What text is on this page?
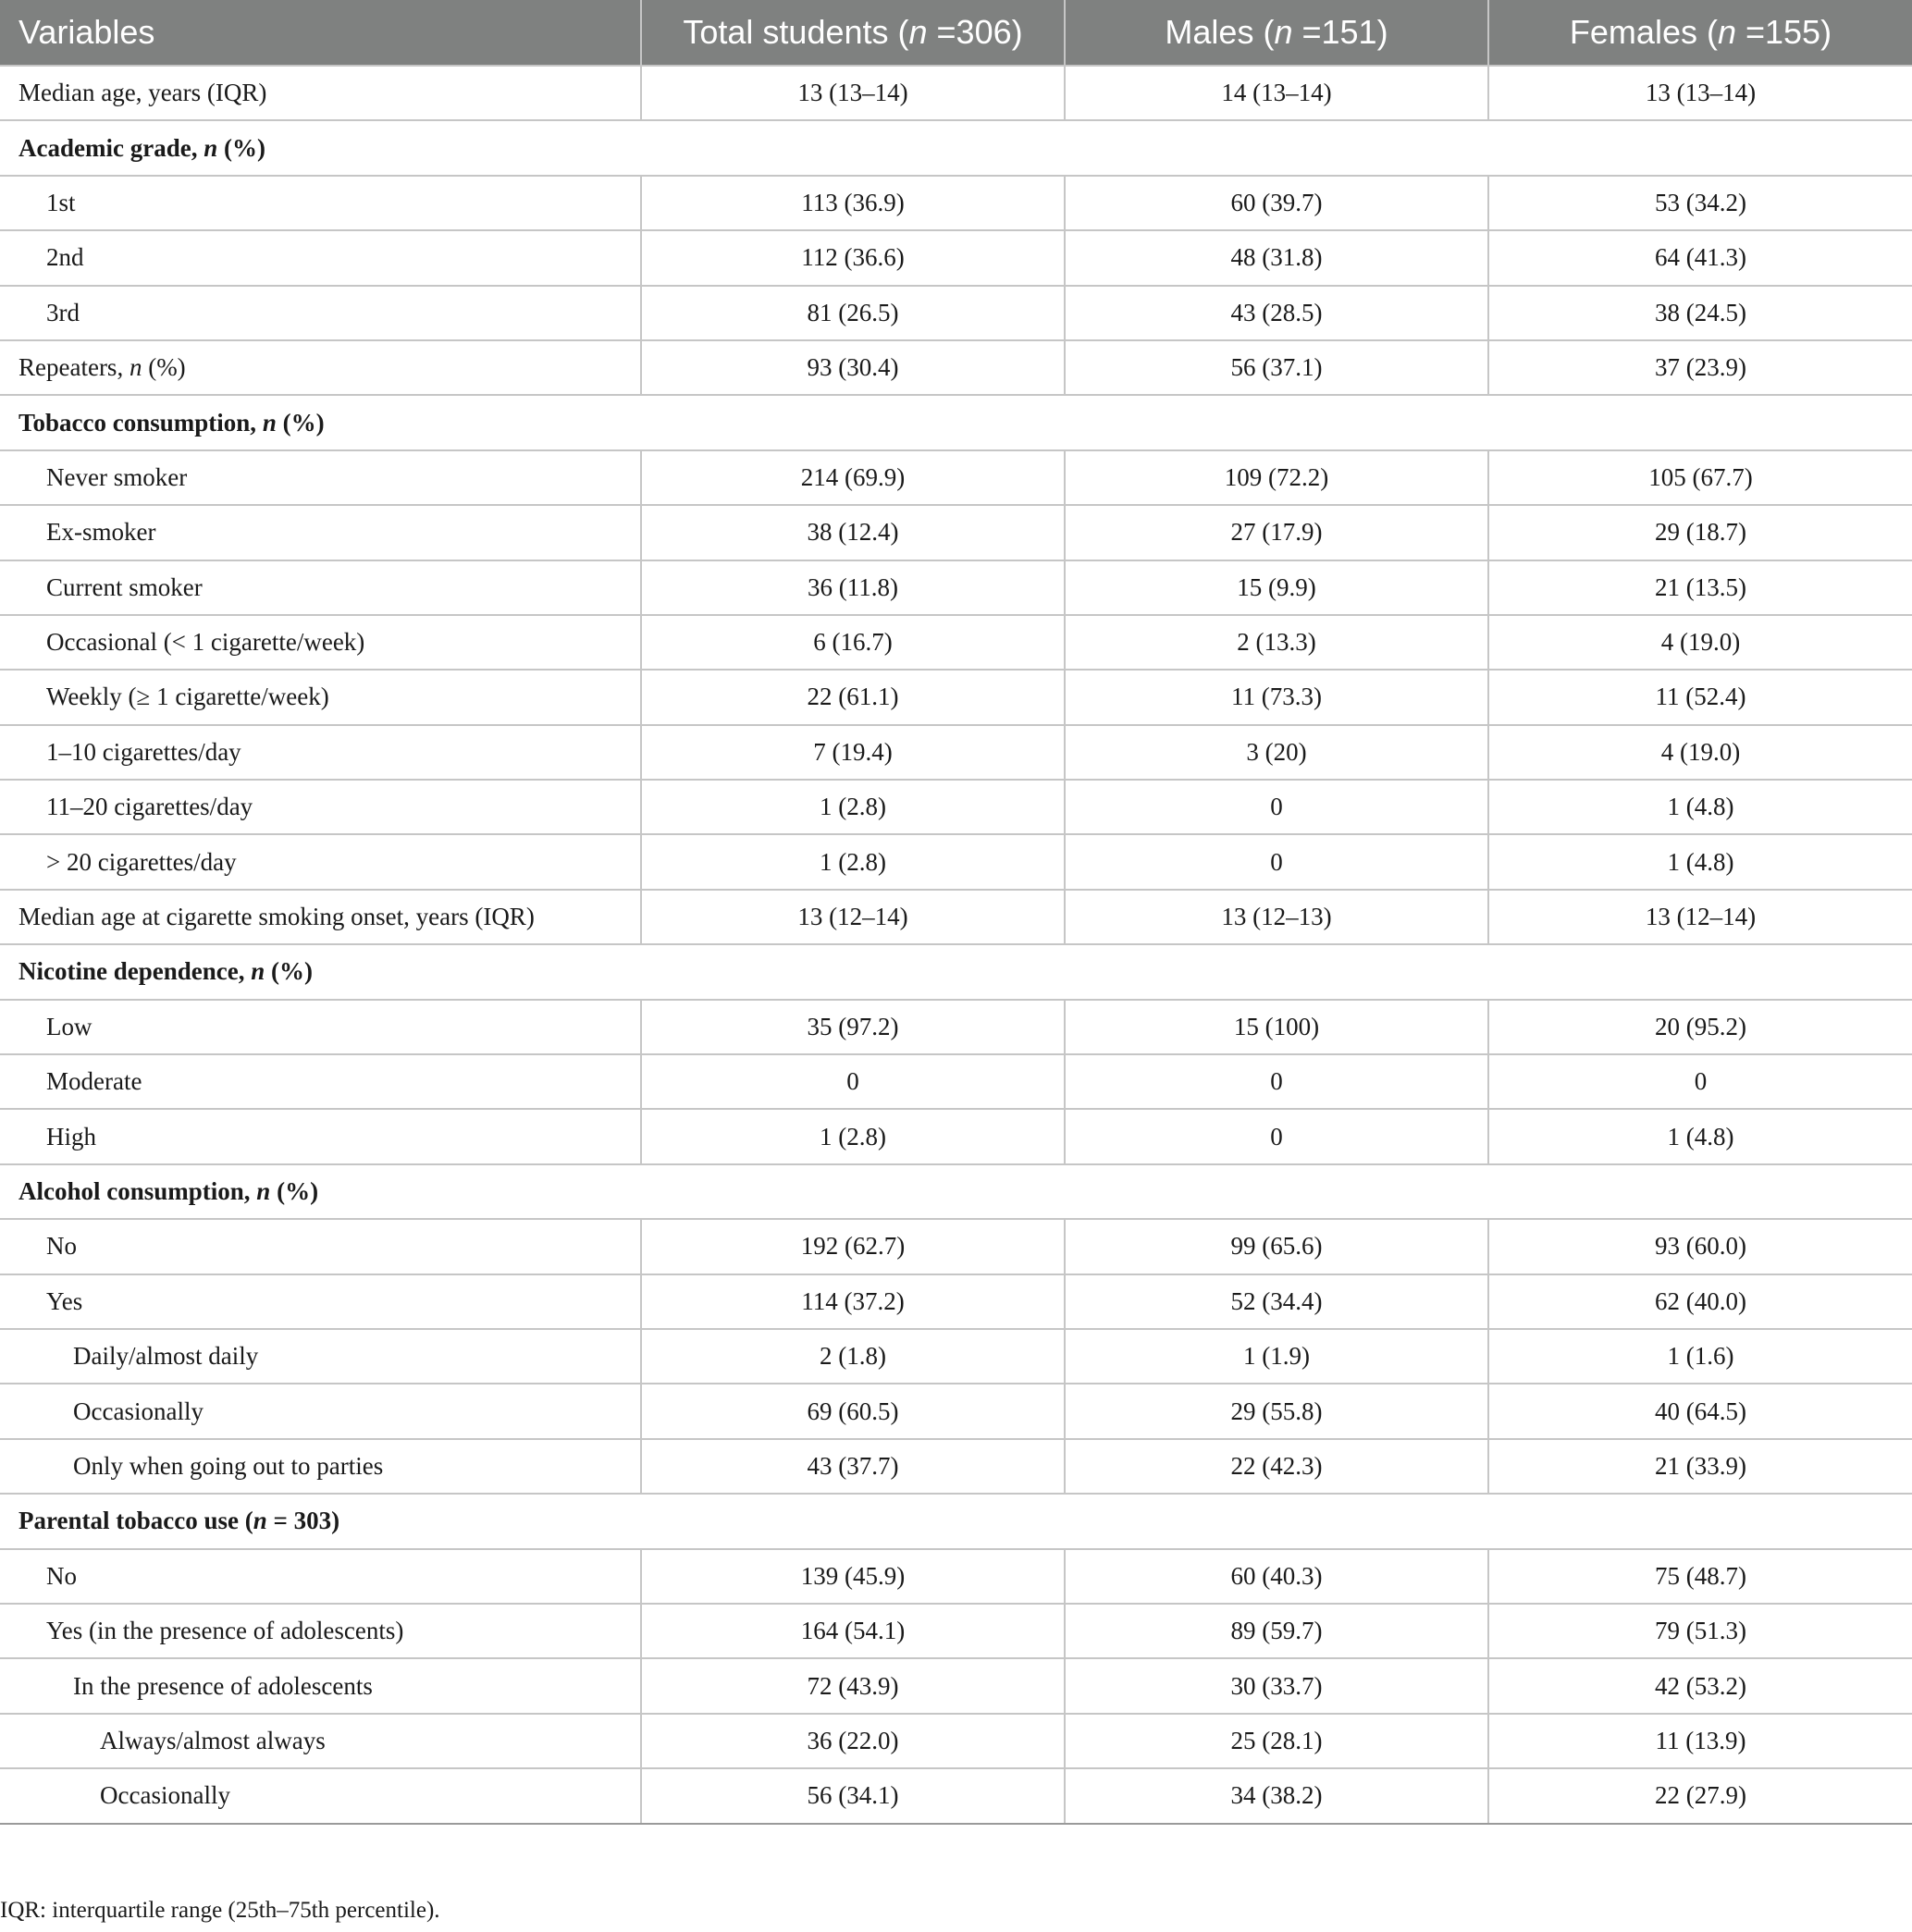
Variables	Total students (n =306)	Males (n =151)	Females (n =155)
Median age, years (IQR)	13 (13–14)	14 (13–14)	13 (13–14)
Academic grade, n (%)			
1st	113 (36.9)	60 (39.7)	53 (34.2)
2nd	112 (36.6)	48 (31.8)	64 (41.3)
3rd	81 (26.5)	43 (28.5)	38 (24.5)
Repeaters, n (%)	93 (30.4)	56 (37.1)	37 (23.9)
Tobacco consumption, n (%)			
Never smoker	214 (69.9)	109 (72.2)	105 (67.7)
Ex-smoker	38 (12.4)	27 (17.9)	29 (18.7)
Current smoker	36 (11.8)	15 (9.9)	21 (13.5)
Occasional (< 1 cigarette/week)	6 (16.7)	2 (13.3)	4 (19.0)
Weekly (≥ 1 cigarette/week)	22 (61.1)	11 (73.3)	11 (52.4)
1–10 cigarettes/day	7 (19.4)	3 (20)	4 (19.0)
11–20 cigarettes/day	1 (2.8)	0	1 (4.8)
> 20 cigarettes/day	1 (2.8)	0	1 (4.8)
Median age at cigarette smoking onset, years (IQR)	13 (12–14)	13 (12–13)	13 (12–14)
Nicotine dependence, n (%)			
Low	35 (97.2)	15 (100)	20 (95.2)
Moderate	0	0	0
High	1 (2.8)	0	1 (4.8)
Alcohol consumption, n (%)			
No	192 (62.7)	99 (65.6)	93 (60.0)
Yes	114 (37.2)	52 (34.4)	62 (40.0)
Daily/almost daily	2 (1.8)	1 (1.9)	1 (1.6)
Occasionally	69 (60.5)	29 (55.8)	40 (64.5)
Only when going out to parties	43 (37.7)	22 (42.3)	21 (33.9)
Parental tobacco use (n = 303)			
No	139 (45.9)	60 (40.3)	75 (48.7)
Yes (in the presence of adolescents)	164 (54.1)	89 (59.7)	79 (51.3)
In the presence of adolescents	72 (43.9)	30 (33.7)	42 (53.2)
Always/almost always	36 (22.0)	25 (28.1)	11 (13.9)
Occasionally	56 (34.1)	34 (38.2)	22 (27.9)
IQR: interquartile range (25th–75th percentile).
